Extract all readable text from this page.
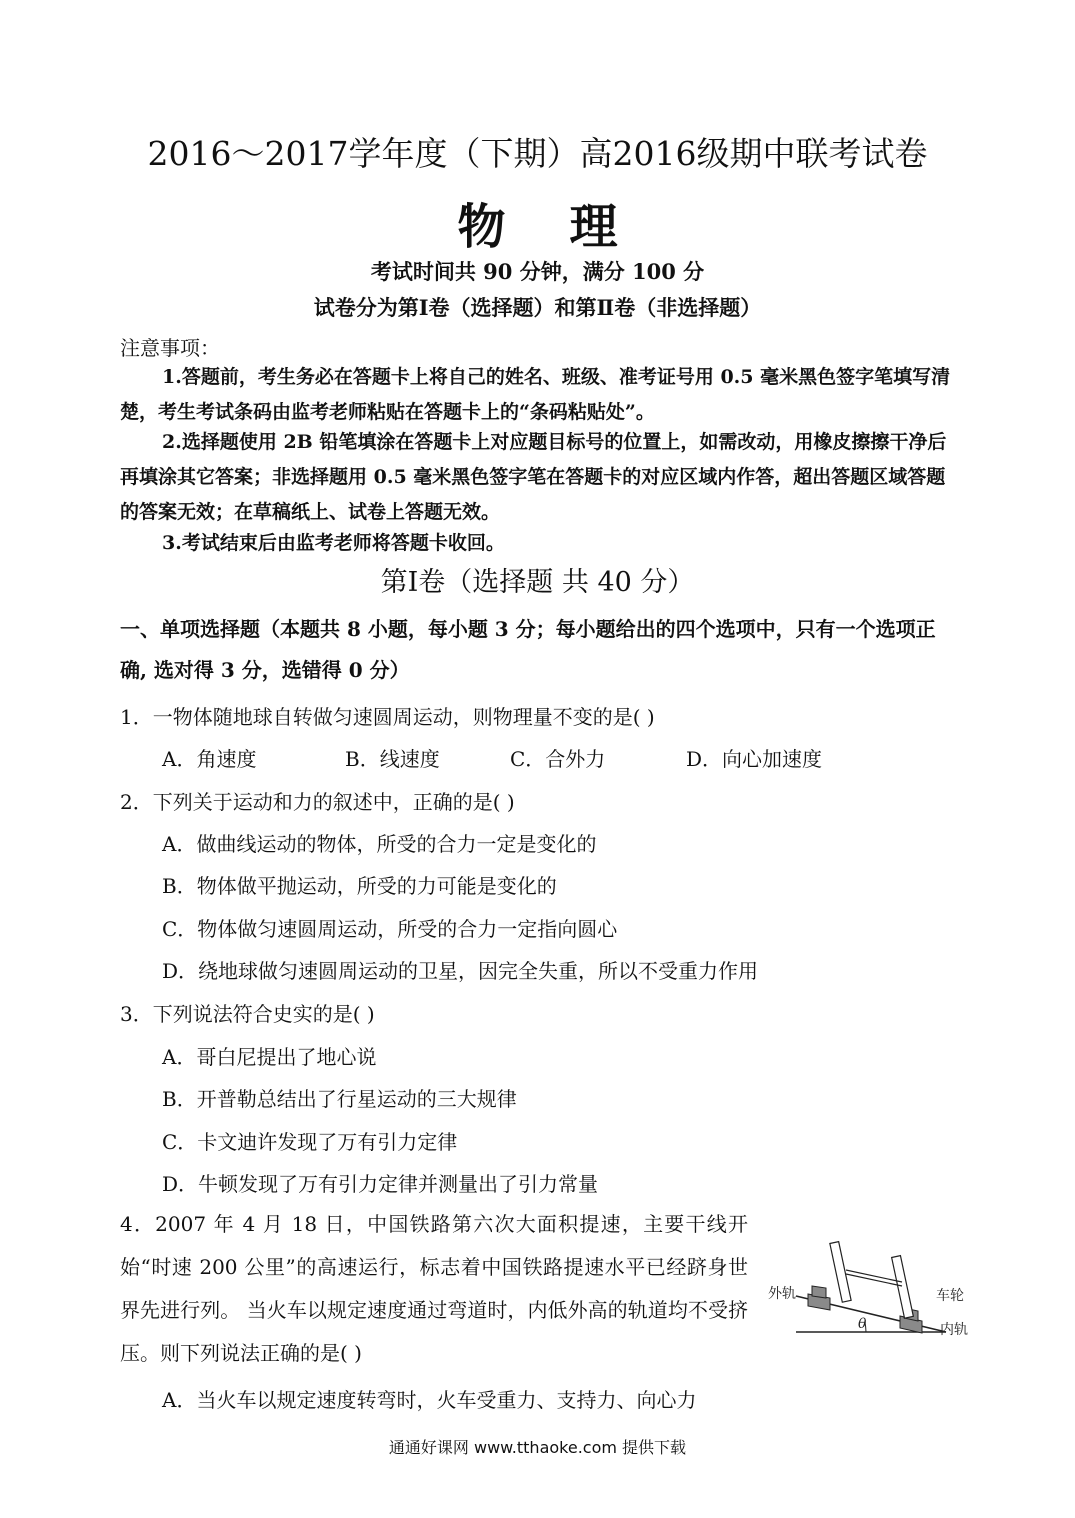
2016～2017学年度（下期）高2016级期中联考试卷
物 理
考试时间共 90 分钟，满分 100 分
试卷分为第Ⅰ卷（选择题）和第Ⅱ卷（非选择题）
注意事项：
1.答题前，考生务必在答题卡上将自己的姓名、班级、准考证号用 0.5 毫米黑色签字笔填写清楚，考生考试条码由监考老师粘贴在答题卡上的“条码粘贴处”。
2.选择题使用 2B 铅笔填涂在答题卡上对应题目标号的位置上，如需改动，用橡皮擦擦干净后再填涂其它答案；非选择题用 0.5 毫米黑色签字笔在答题卡的对应区域内作答，超出答题区域答题的答案无效；在草稿纸上、试卷上答题无效。
3.考试结束后由监考老师将答题卡收回。
第Ⅰ卷（选择题 共 40 分）
一、单项选择题（本题共 8 小题，每小题 3 分；每小题给出的四个选项中，只有一个选项正确, 选对得 3 分，选错得 0 分）
1．一物体随地球自转做匀速圆周运动，则物理量不变的是( )
A．角速度	B．线速度	C．合外力	D．向心加速度
2．下列关于运动和力的叙述中，正确的是( )
A．做曲线运动的物体，所受的合力一定是变化的
B．物体做平抛运动，所受的力可能是变化的
C．物体做匀速圆周运动，所受的合力一定指向圆心
D．绕地球做匀速圆周运动的卫星，因完全失重，所以不受重力作用
3．下列说法符合史实的是( )
A．哥白尼提出了地心说
B．开普勒总结出了行星运动的三大规律
C．卡文迪许发现了万有引力定律
D．牛顿发现了万有引力定律并测量出了引力常量
4．2007 年 4 月 18 日，中国铁路第六次大面积提速，主要干线开始“时速 200 公里”的高速运行，标志着中国铁路提速水平已经跻身世界先进行列。 当火车以规定速度通过弯道时，内低外高的轨道均不受挤压。则下列说法正确的是( )
A．当火车以规定速度转弯时，火车受重力、支持力、向心力
θ
外轨	车轮
内轨
通通好课网 www.tthaoke.com 提供下载
